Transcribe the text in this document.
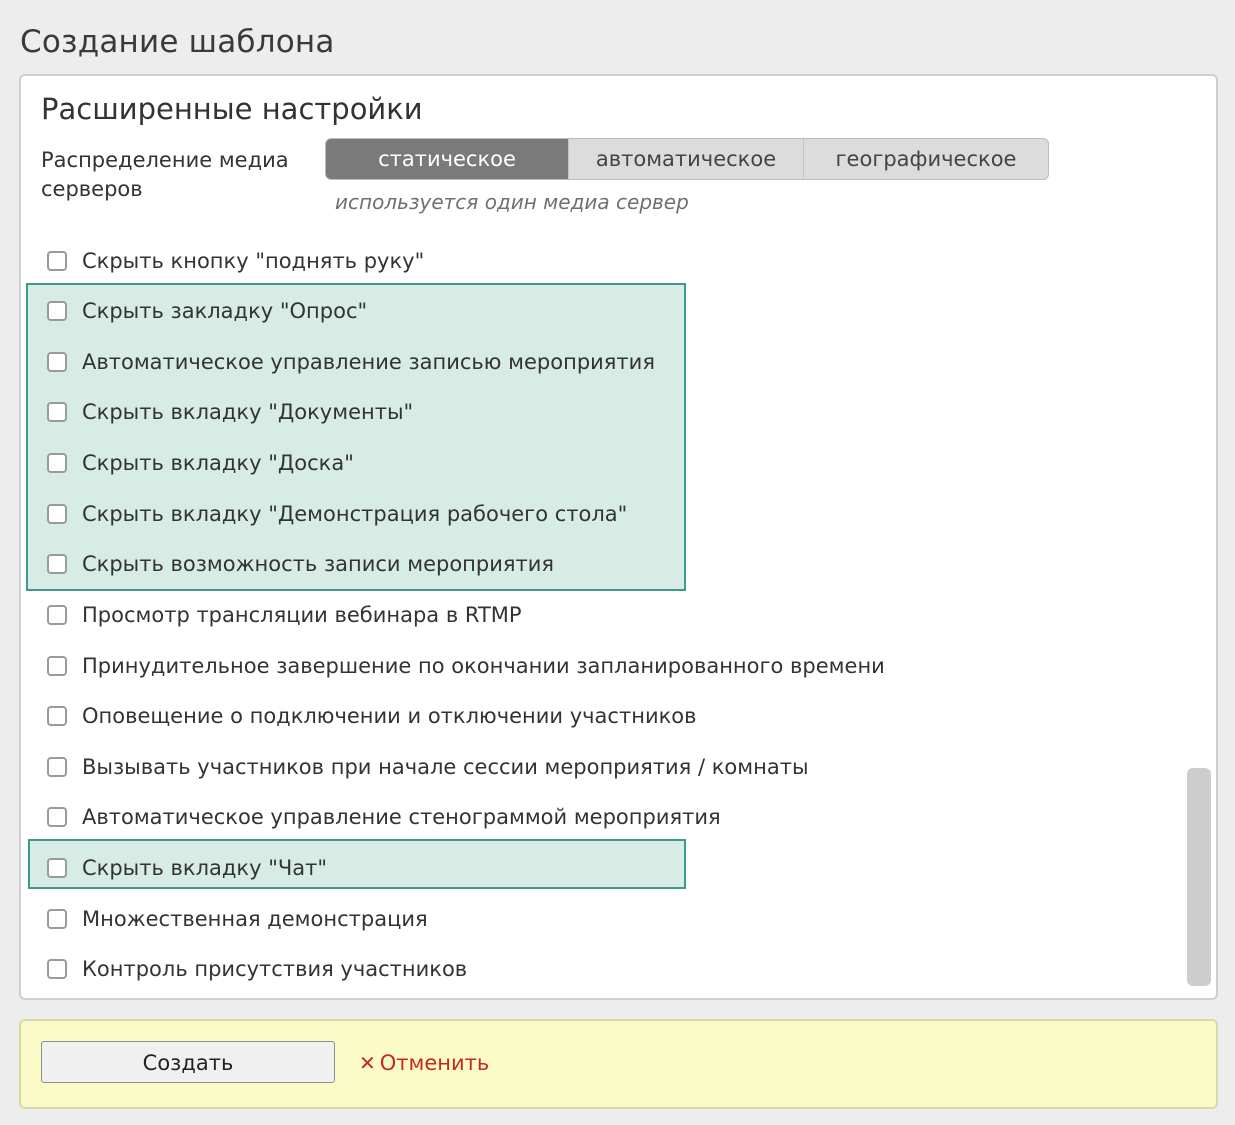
Создание шаблона
Расширенные настройки
Распределение медиа серверов
статическое	автоматическое	географическое
используется один медиа сервер
Скрыть кнопку "поднять руку"
Скрыть закладку "Опрос"
Автоматическое управление записью мероприятия
Скрыть вкладку "Документы"
Скрыть вкладку "Доска"
Скрыть вкладку "Демонстрация рабочего стола"
Скрыть возможность записи мероприятия
Просмотр трансляции вебинара в RTMP
Принудительное завершение по окончании запланированного времени
Оповещение о подключении и отключении участников
Вызывать участников при начале сессии мероприятия / комнаты
Автоматическое управление стенограммой мероприятия
Скрыть вкладку "Чат"
Множественная демонстрация
Контроль присутствия участников
Создать	✕ Отменить
